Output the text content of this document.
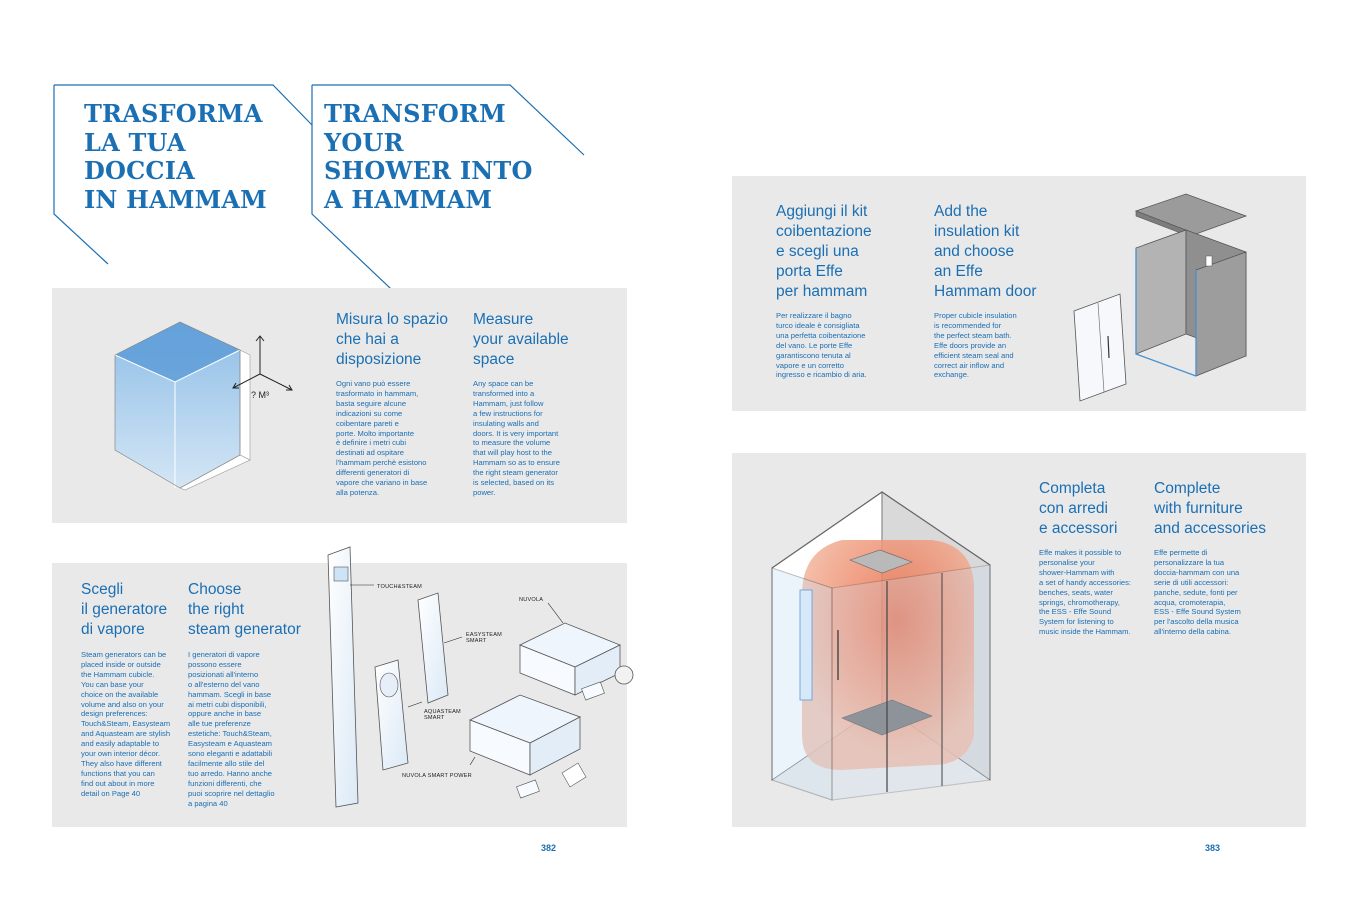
TRASFORMA
LA TUA
DOCCIA
IN HAMMAM
TRANSFORM
YOUR
SHOWER INTO
A HAMMAM
? M³
Misura lo spazio
che hai a
disposizione
Measure
your available
space
Ogni vano può essere
trasformato in hammam,
basta seguire alcune
indicazioni su come
coibentare pareti e
porte. Molto importante
è definire i metri cubi
destinati ad ospitare
l'hammam perchè esistono
differenti generatori di
vapore che variano in base
alla potenza.
Any space can be
transformed into a
Hammam, just follow
a few instructions for
insulating walls and
doors. It is very important
to measure the volume
that will play host to the
Hammam so as to ensure
the right steam generator
is selected, based on its
power.
Scegli
il generatore
di vapore
Choose
the right
steam generator
Steam generators can be
placed inside or outside
the Hammam cubicle.
You can base your
choice on the available
volume and also on your
design preferences:
Touch&Steam, Easysteam
and Aquasteam are stylish
and easily adaptable to
your own interior décor.
They also have different
functions that you can
find out about in more
detail on Page 40
I generatori di vapore
possono essere
posizionati all'interno
o all'esterno del vano
hammam. Scegli in base
ai metri cubi disponibili,
oppure anche in base
alle tue preferenze
estetiche: Touch&Steam,
Easysteam e Aquasteam
sono eleganti e adattabili
facilmente allo stile del
tuo arredo. Hanno anche
funzioni differenti, che
puoi scoprire nel dettaglio
a pagina 40
TOUCH&STEAM
EASYSTEAM
SMART
NUVOLA
AQUASTEAM
SMART
NUVOLA SMART POWER
382
Aggiungi il kit
coibentazione
e scegli una
porta Effe
per hammam
Add the
insulation kit
and choose
an Effe
Hammam door
Per realizzare il bagno
turco ideale è consigliata
una perfetta coibentazione
del vano. Le porte Effe
garantiscono tenuta al
vapore e un corretto
ingresso e ricambio di aria.
Proper cubicle insulation
is recommended for
the perfect steam bath.
Effe doors provide an
efficient steam seal and
correct air inflow and
exchange.
Completa
con arredi
e accessori
Complete
with furniture
and accessories
Effe makes it possible to
personalise your
shower-Hammam with
a set of handy accessories:
benches, seats, water
springs, chromotherapy,
the ESS - Effe Sound
System for listening to
music inside the Hammam.
Effe permette di
personalizzare la tua
doccia-hammam con una
serie di utili accessori:
panche, sedute, fonti per
acqua, cromoterapia,
ESS - Effe Sound System
per l'ascolto della musica
all'interno della cabina.
383
